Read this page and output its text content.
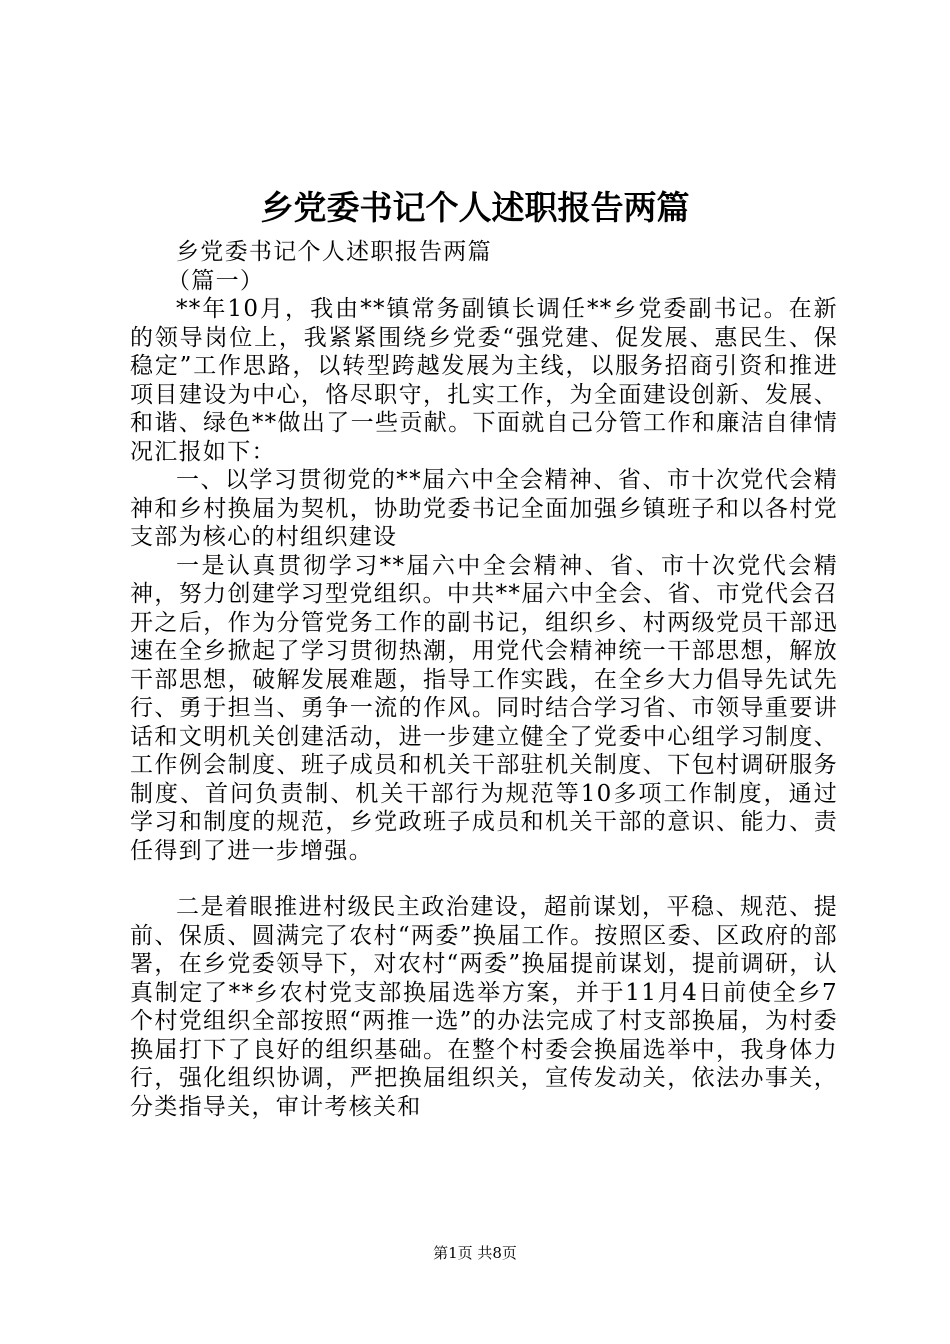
乡党委书记个人述职报告两篇

乡党委书记个人述职报告两篇

（篇一）

**年10月，我由**镇常务副镇长调任**乡党委副书记。在新的领导岗位上，我紧紧围绕乡党委“强党建、促发展、惠民生、保稳定”工作思路，以转型跨越发展为主线，以服务招商引资和推进项目建设为中心，恪尽职守，扎实工作，为全面建设创新、发展、和谐、绿色**做出了一些贡献。下面就自己分管工作和廉洁自律情况汇报如下：

一、以学习贯彻党的**届六中全会精神、省、市十次党代会精神和乡村换届为契机，协助党委书记全面加强乡镇班子和以各村党支部为核心的村组织建设

一是认真贯彻学习**届六中全会精神、省、市十次党代会精神，努力创建学习型党组织。中共**届六中全会、省、市党代会召开之后，作为分管党务工作的副书记，组织乡、村两级党员干部迅速在全乡掀起了学习贯彻热潮，用党代会精神统一干部思想，解放干部思想，破解发展难题，指导工作实践，在全乡大力倡导先试先行、勇于担当、勇争一流的作风。同时结合学习省、市领导重要讲话和文明机关创建活动，进一步建立健全了党委中心组学习制度、工作例会制度、班子成员和机关干部驻机关制度、下包村调研服务制度、首问负责制、机关干部行为规范等10多项工作制度，通过学习和制度的规范，乡党政班子成员和机关干部的意识、能力、责任得到了进一步增强。

二是着眼推进村级民主政治建设，超前谋划，平稳、规范、提前、保质、圆满完了农村“两委”换届工作。按照区委、区政府的部署，在乡党委领导下，对农村“两委”换届提前谋划，提前调研，认真制定了**乡农村党支部换届选举方案，并于11月4日前使全乡7个村党组织全部按照“两推一选”的办法完成了村支部换届，为村委换届打下了良好的组织基础。在整个村委会换届选举中，我身体力行，强化组织协调，严把换届组织关，宣传发动关，依法办事关，分类指导关，审计考核关和

第1页 共8页
